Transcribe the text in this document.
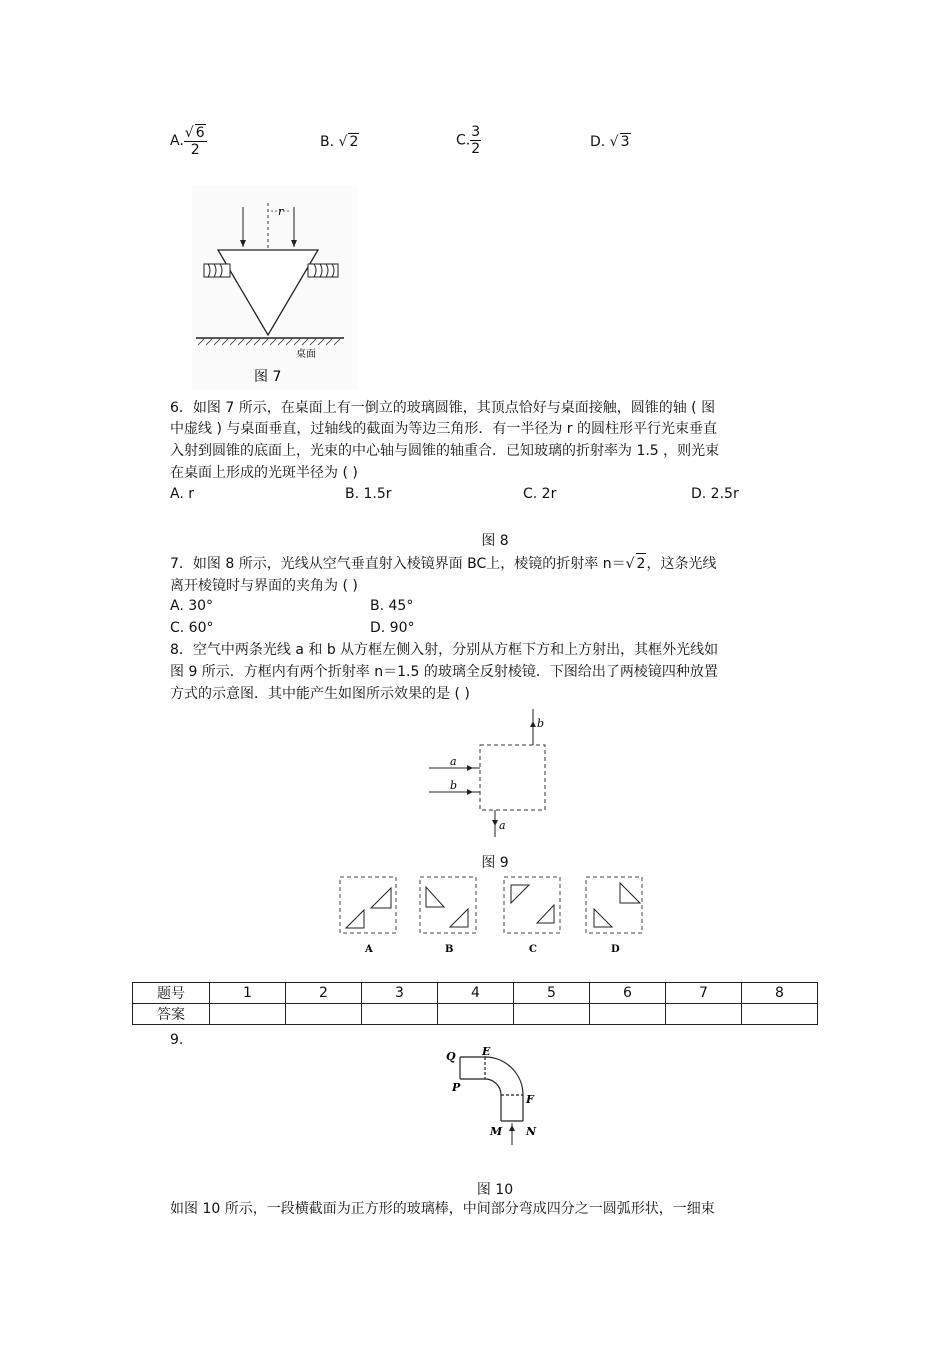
A. $\frac{√ 6}{2}$	B. √ 2	C. $\frac{3}{2}$	D. √ 3
r
桌面
图 7
6．如图 7 所示，在桌面上有一倒立的玻璃圆锥，其顶点恰好与桌面接触，圆锥的轴 ( 图
中虚线 ) 与桌面垂直，过轴线的截面为等边三角形．有一半径为 r 的圆柱形平行光束垂直
入射到圆锥的底面上，光束的中心轴与圆锥的轴重合．已知玻璃的折射率为 1.5 ，则光束
在桌面上形成的光斑半径为 ( )
A. r	B. 1.5r	C. 2r	D. 2.5r
图 8
7．如图 8 所示，光线从空气垂直射入棱镜界面 BC上，棱镜的折射率 n＝√ 2，这条光线
离开棱镜时与界面的夹角为 ( )
A. 30°	B. 45°
C. 60°	D. 90°
8．空气中两条光线 a 和 b 从方框左侧入射，分别从方框下方和上方射出，其框外光线如
图 9 所示．方框内有两个折射率 n＝1.5 的玻璃全反射棱镜．下图给出了两棱镜四种放置
方式的示意图．其中能产生如图所示效果的是 ( )
a
b
b
a
图 9
A	B	C	D
题号	1	2	3	4	5	6	7	8
答案								
9.
Q E
P
F
M N
图 10
如图 10 所示，一段横截面为正方形的玻璃棒，中间部分弯成四分之一圆弧形状，一细束
